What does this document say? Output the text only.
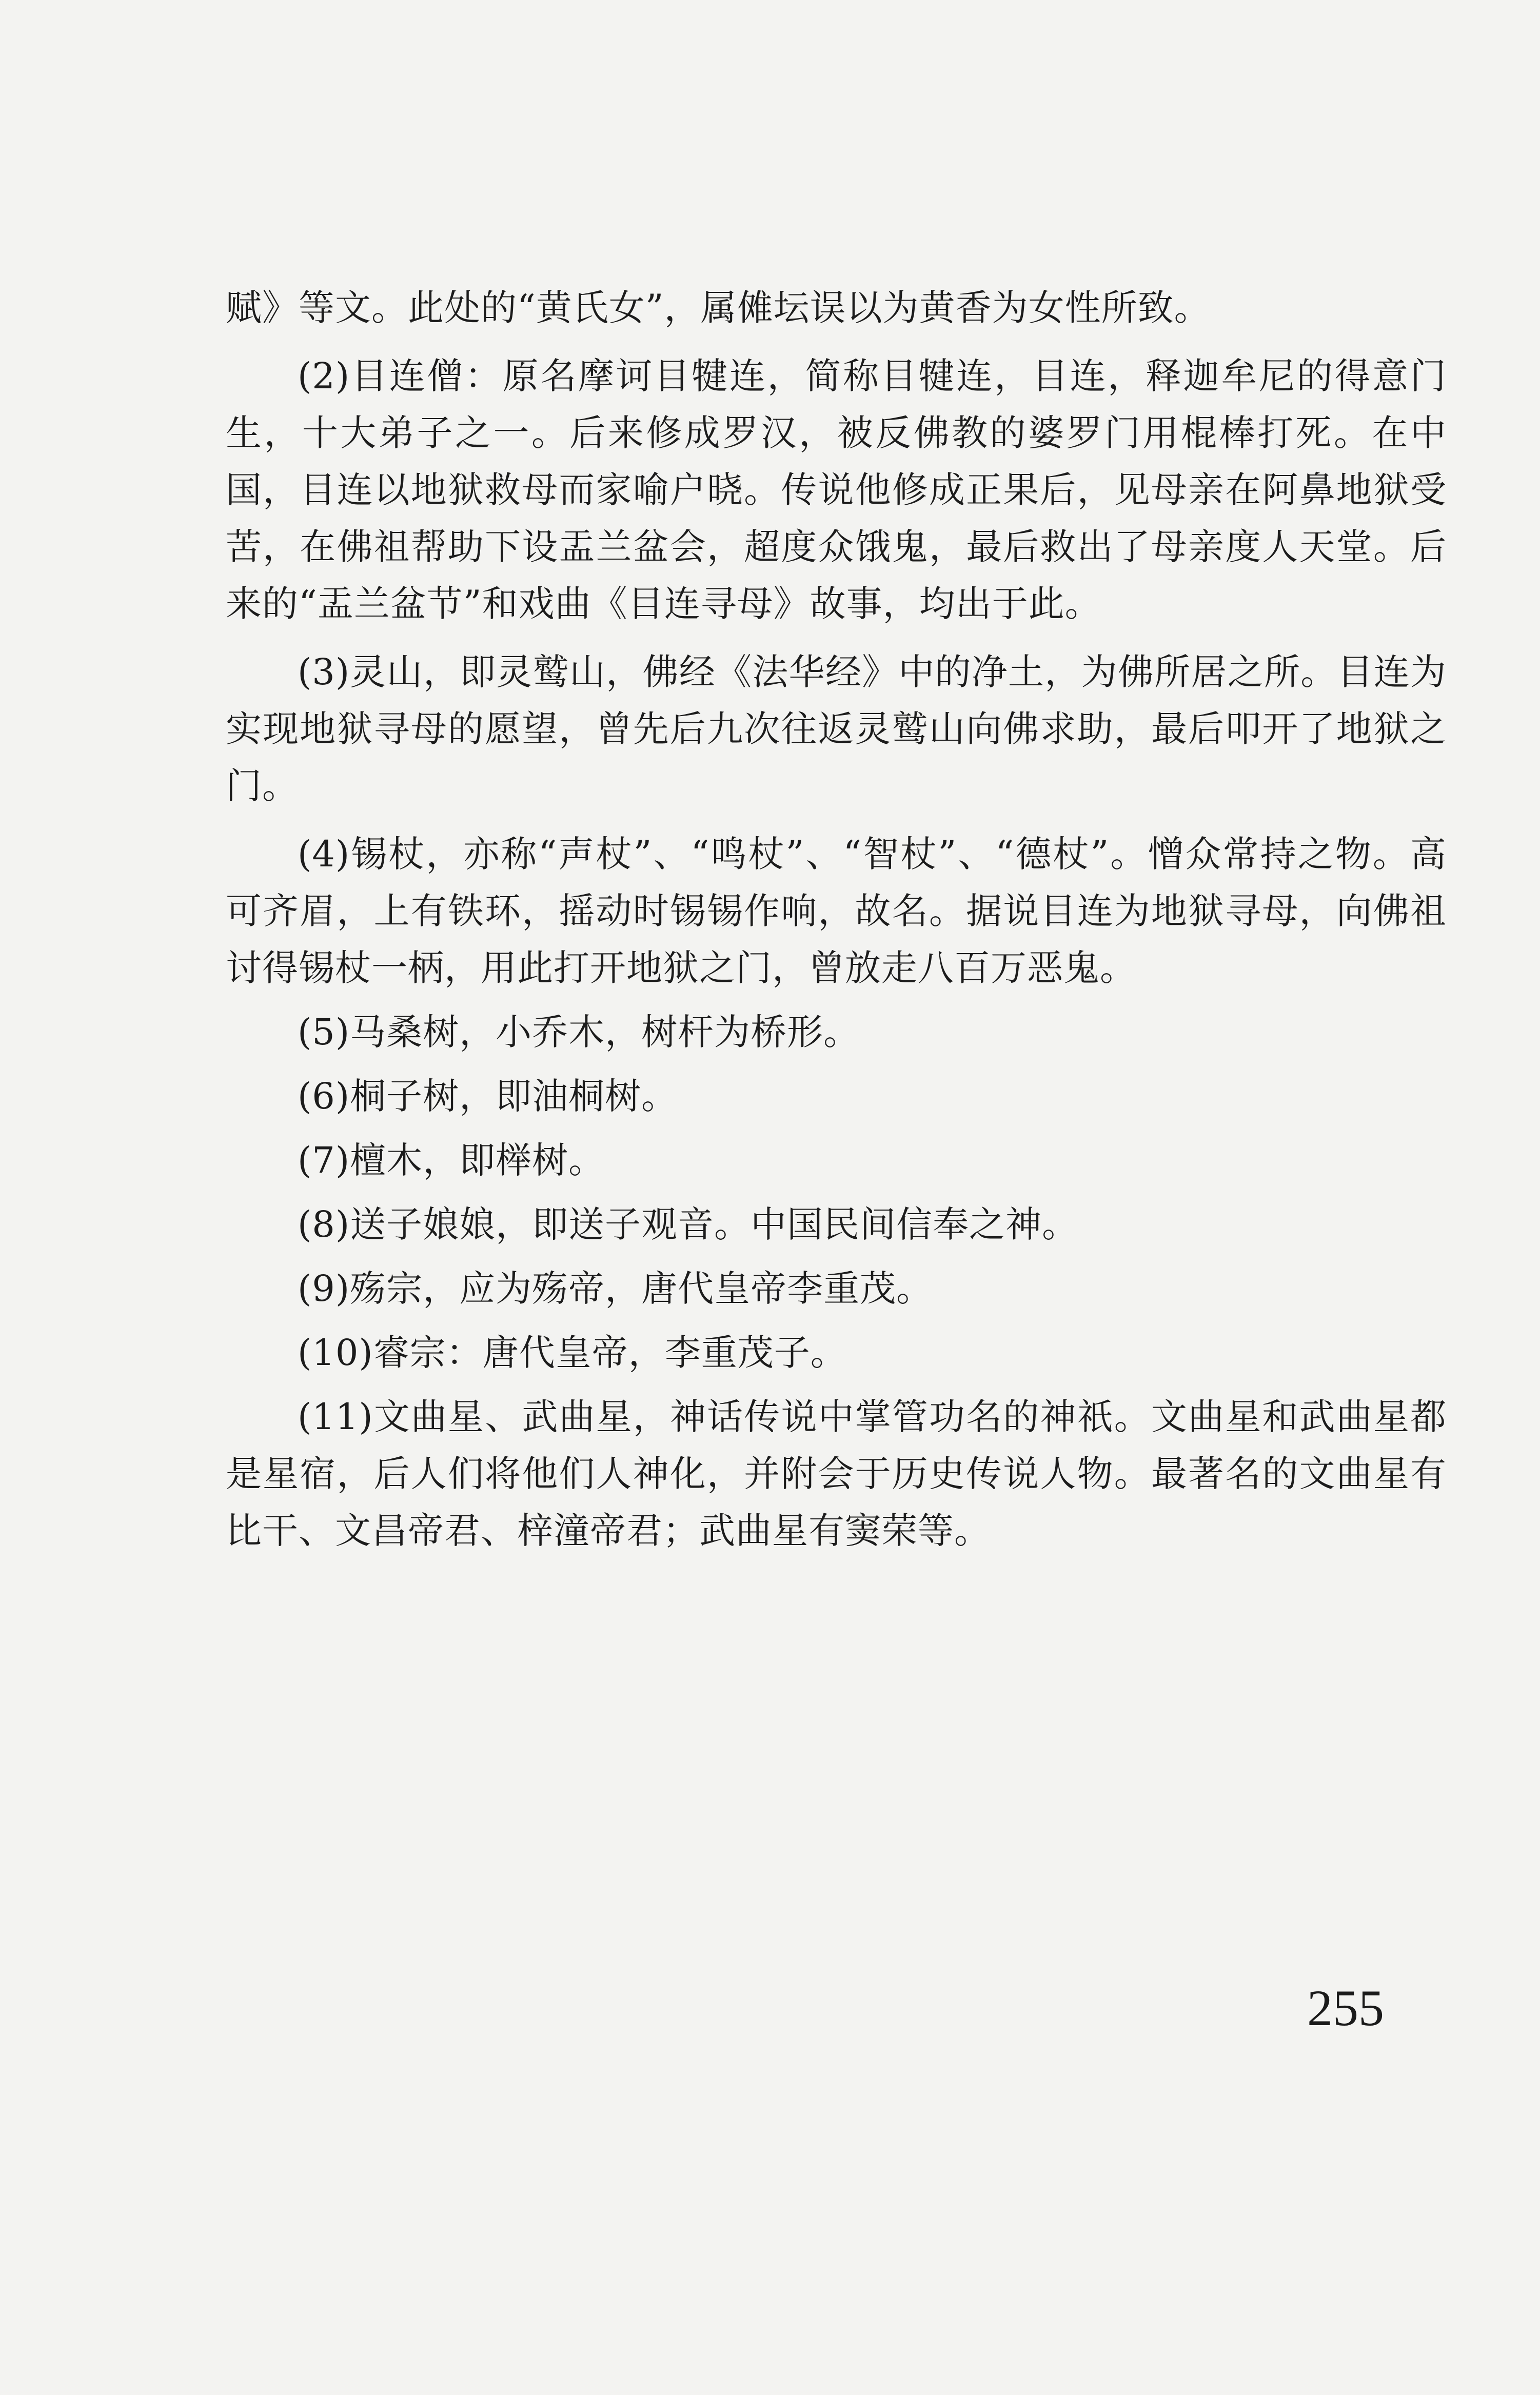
赋》等文。此处的“黄氏女”，属傩坛误以为黄香为女性所致。

(2)目连僧：原名摩诃目犍连，简称目犍连，目连，释迦牟尼的得意门生，十大弟子之一。后来修成罗汉，被反佛教的婆罗门用棍棒打死。在中国，目连以地狱救母而家喻户晓。传说他修成正果后，见母亲在阿鼻地狱受苦，在佛祖帮助下设盂兰盆会，超度众饿鬼，最后救出了母亲度人天堂。后来的“盂兰盆节”和戏曲《目连寻母》故事，均出于此。

(3)灵山，即灵鹫山，佛经《法华经》中的净土，为佛所居之所。目连为实现地狱寻母的愿望，曾先后九次往返灵鹫山向佛求助，最后叩开了地狱之门。

(4)锡杖，亦称“声杖”、“鸣杖”、“智杖”、“德杖”。憎众常持之物。高可齐眉，上有铁环，摇动时锡锡作响，故名。据说目连为地狱寻母，向佛祖讨得锡杖一柄，用此打开地狱之门，曾放走八百万恶鬼。

(5)马桑树，小乔木，树杆为桥形。

(6)桐子树，即油桐树。

(7)檀木，即榉树。

(8)送子娘娘，即送子观音。中国民间信奉之神。

(9)殇宗，应为殇帝，唐代皇帝李重茂。

(10)睿宗：唐代皇帝，李重茂子。

(11)文曲星、武曲星，神话传说中掌管功名的神祇。文曲星和武曲星都是星宿，后人们将他们人神化，并附会于历史传说人物。最著名的文曲星有比干、文昌帝君、梓潼帝君；武曲星有窦荣等。

255
